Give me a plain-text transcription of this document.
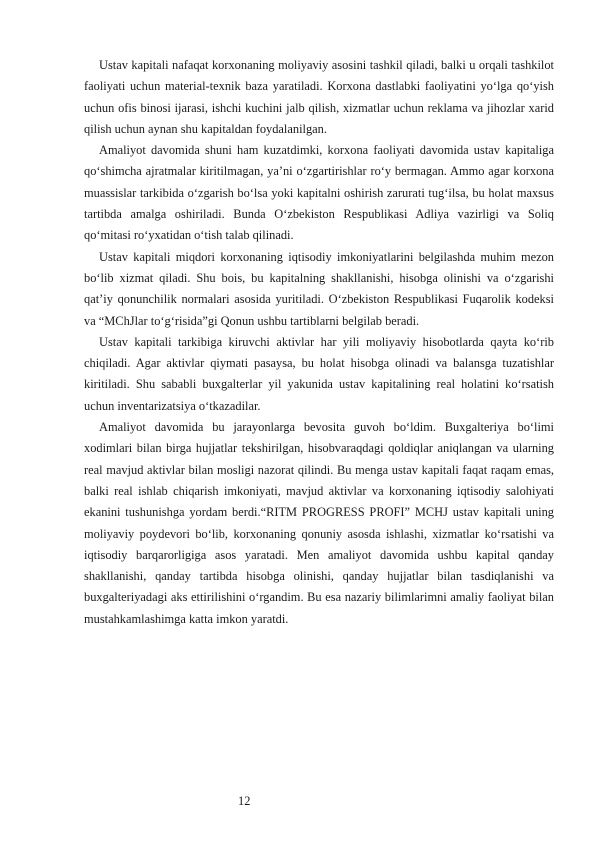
Ustav kapitali nafaqat korxonaning moliyaviy asosini tashkil qiladi, balki u orqali tashkilot faoliyati uchun material-texnik baza yaratiladi. Korxona dastlabki faoliyatini yo‘lga qo‘yish uchun ofis binosi ijarasi, ishchi kuchini jalb qilish, xizmatlar uchun reklama va jihozlar xarid qilish uchun aynan shu kapitaldan foydalanilgan.

Amaliyot davomida shuni ham kuzatdimki, korxona faoliyati davomida ustav kapitaliga qo‘shimcha ajratmalar kiritilmagan, ya’ni o‘zgartirishlar ro‘y bermagan. Ammo agar korxona muassislar tarkibida o‘zgarish bo‘lsa yoki kapitalni oshirish zarurati tug‘ilsa, bu holat maxsus tartibda amalga oshiriladi. Bunda O‘zbekiston Respublikasi Adliya vazirligi va Soliq qo‘mitasi ro‘yxatidan o‘tish talab qilinadi.

Ustav kapitali miqdori korxonaning iqtisodiy imkoniyatlarini belgilashda muhim mezon bo‘lib xizmat qiladi. Shu bois, bu kapitalning shakllanishi, hisobga olinishi va o‘zgarishi qat’iy qonunchilik normalari asosida yuritiladi. O‘zbekiston Respublikasi Fuqarolik kodeksi va “MChJlar to‘g‘risida”gi Qonun ushbu tartiblarni belgilab beradi.

Ustav kapitali tarkibiga kiruvchi aktivlar har yili moliyaviy hisobotlarda qayta ko‘rib chiqiladi. Agar aktivlar qiymati pasaysa, bu holat hisobga olinadi va balansga tuzatishlar kiritiladi. Shu sababli buxgalterlar yil yakunida ustav kapitalining real holatini ko‘rsatish uchun inventarizatsiya o‘tkazadilar.

Amaliyot davomida bu jarayonlarga bevosita guvoh bo‘ldim. Buxgalteriya bo‘limi xodimlari bilan birga hujjatlar tekshirilgan, hisobvaraqdagi qoldiqlar aniqlangan va ularning real mavjud aktivlar bilan mosligi nazorat qilindi. Bu menga ustav kapitali faqat raqam emas, balki real ishlab chiqarish imkoniyati, mavjud aktivlar va korxonaning iqtisodiy salohiyati ekanini tushunishga yordam berdi.“RITM PROGRESS PROFI” MCHJ ustav kapitali uning moliyaviy poydevori bo‘lib, korxonaning qonuniy asosda ishlashi, xizmatlar ko‘rsatishi va iqtisodiy barqarorligiga asos yaratadi. Men amaliyot davomida ushbu kapital qanday shakllanishi, qanday tartibda hisobga olinishi, qanday hujjatlar bilan tasdiqlanishi va buxgalteriyadagi aks ettirilishini o‘rgandim. Bu esa nazariy bilimlarimni amaliy faoliyat bilan mustahkamlashimga katta imkon yaratdi.

12
